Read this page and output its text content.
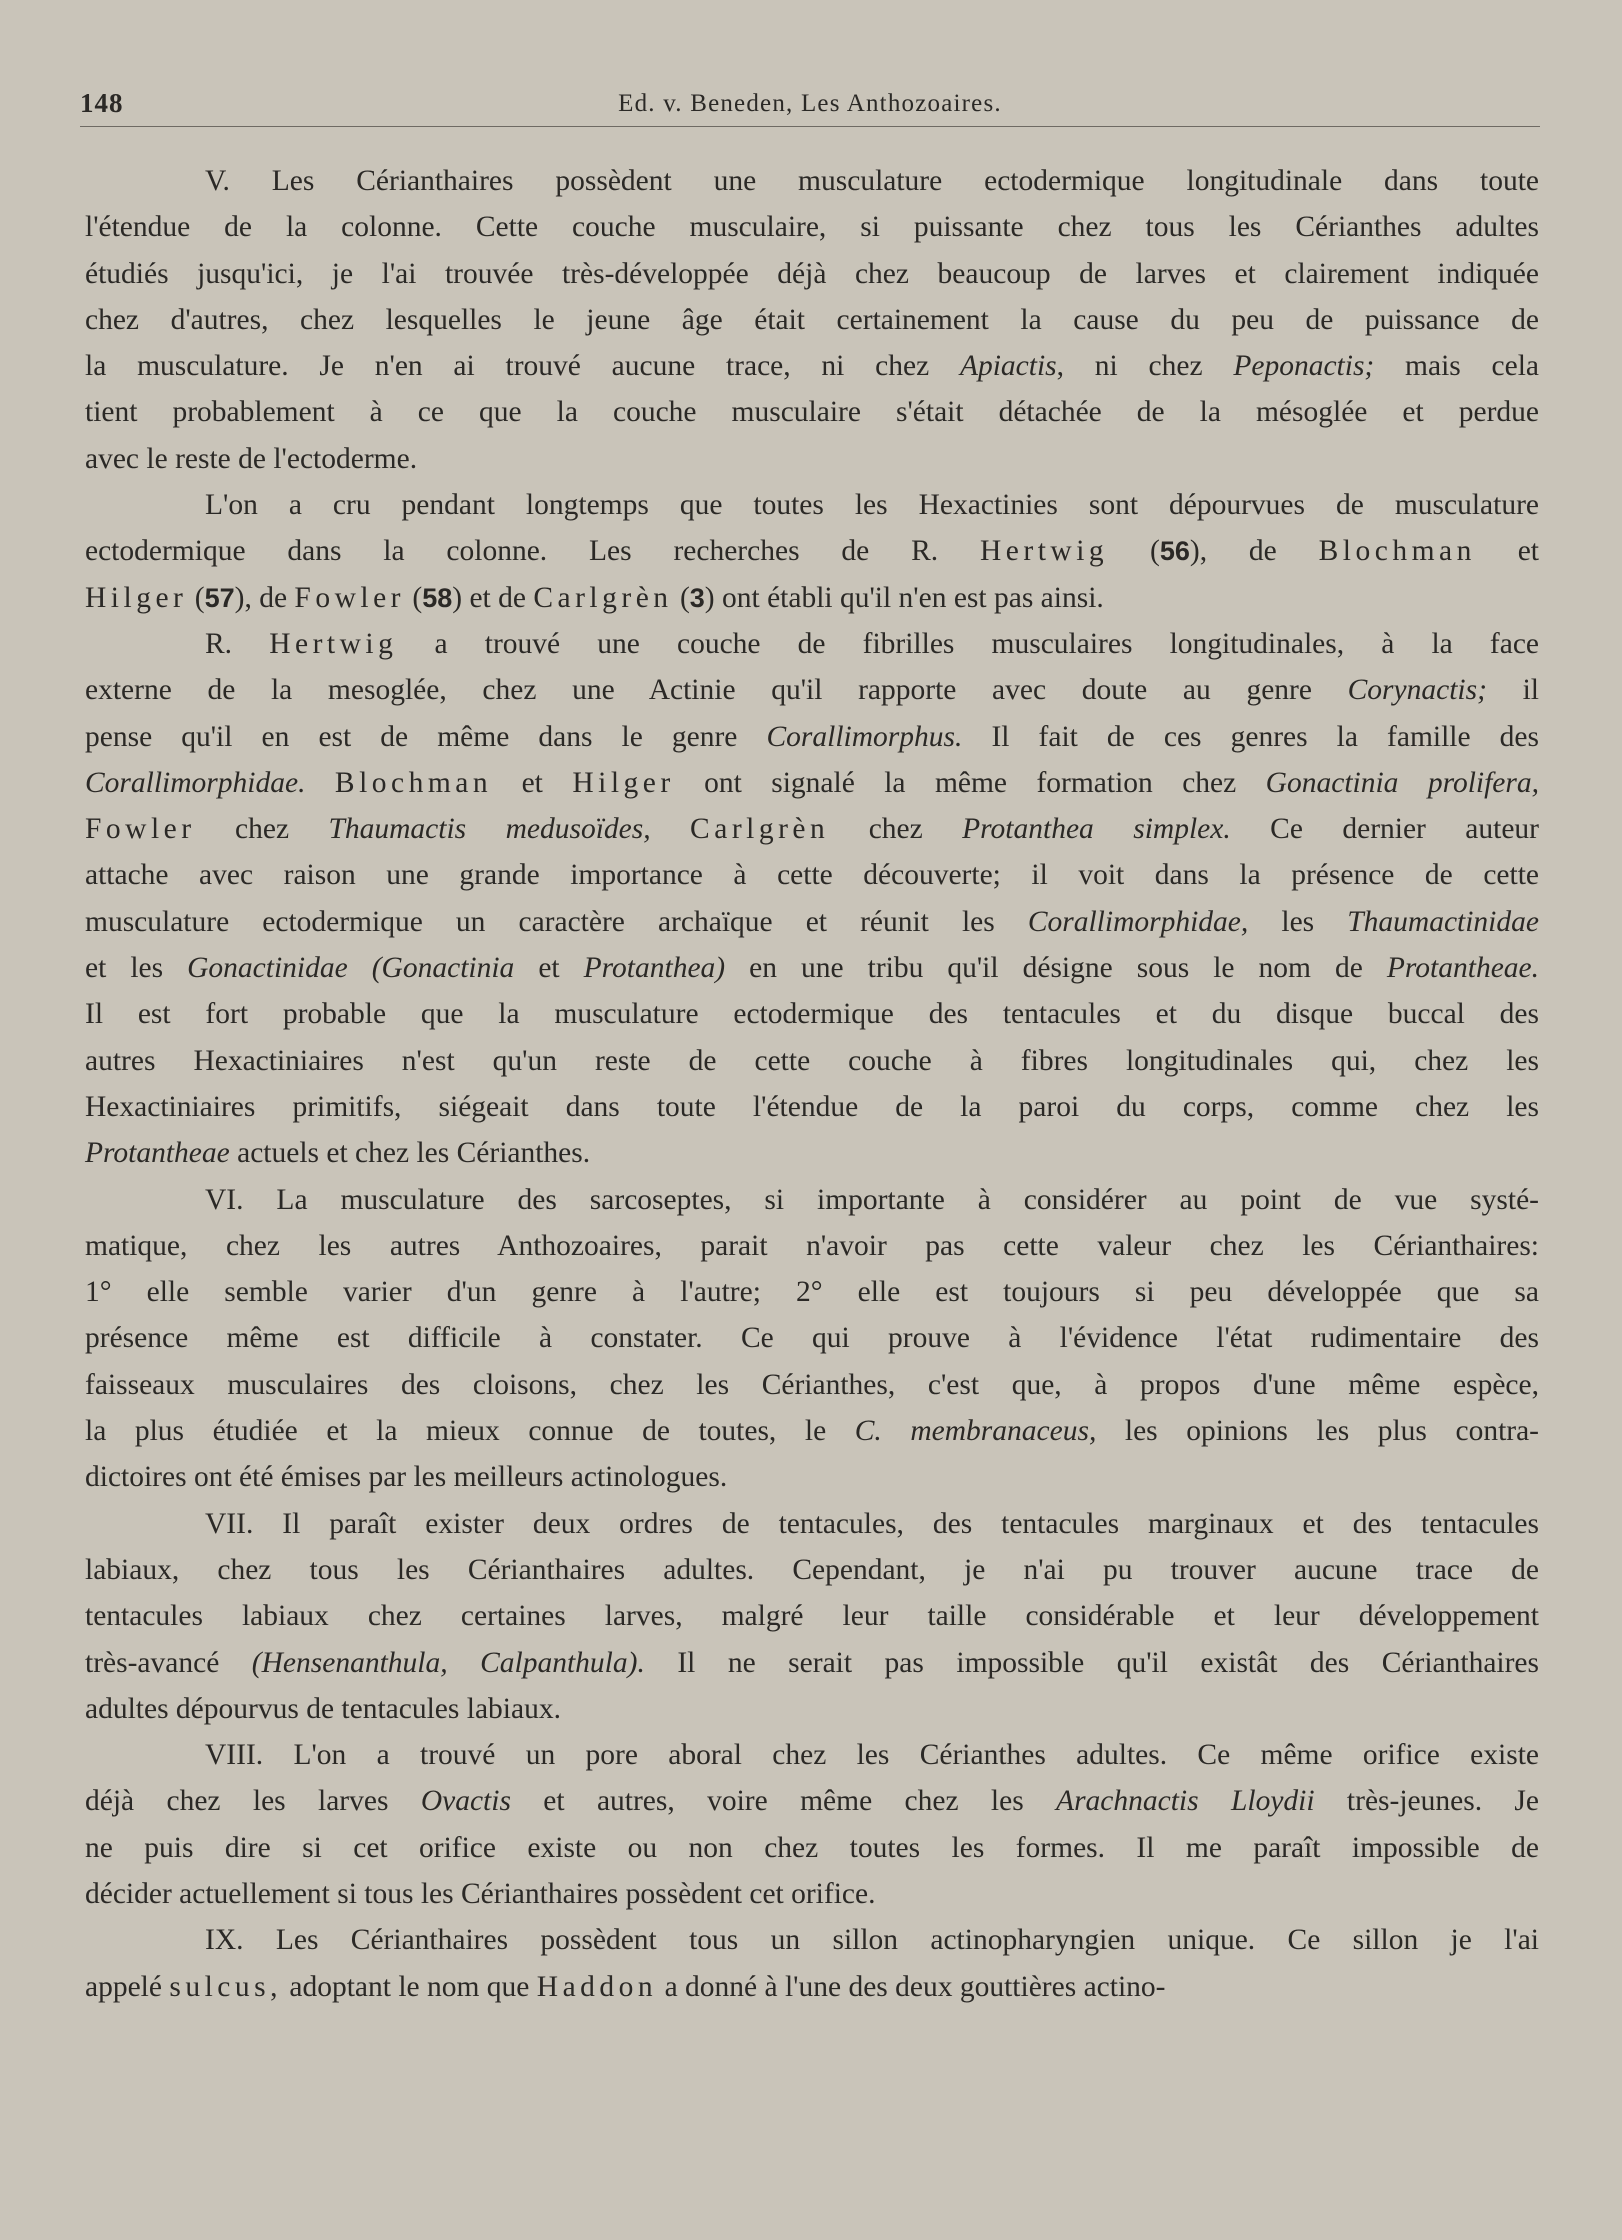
148	Ed. v. Beneden, Les Anthozoaires.

V. Les Cérianthaires possèdent une musculature ectodermique longitudinale dans toute
l'étendue de la colonne. Cette couche musculaire, si puissante chez tous les Cérianthes adultes
étudiés jusqu'ici, je l'ai trouvée très-développée déjà chez beaucoup de larves et clairement indiquée
chez d'autres, chez lesquelles le jeune âge était certainement la cause du peu de puissance de
la musculature. Je n'en ai trouvé aucune trace, ni chez Apiactis, ni chez Peponactis; mais cela
tient probablement à ce que la couche musculaire s'était détachée de la mésoglée et perdue
avec le reste de l'ectoderme.

L'on a cru pendant longtemps que toutes les Hexactinies sont dépourvues de musculature
ectodermique dans la colonne. Les recherches de R. Hertwig (56), de Blochman et
Hilger (57), de Fowler (58) et de Carlgrèn (3) ont établi qu'il n'en est pas ainsi.

R. Hertwig a trouvé une couche de fibrilles musculaires longitudinales, à la face
externe de la mesoglée, chez une Actinie qu'il rapporte avec doute au genre Corynactis; il
pense qu'il en est de même dans le genre Corallimorphus. Il fait de ces genres la famille des
Corallimorphidae. Blochman et Hilger ont signalé la même formation chez Gonactinia prolifera,
Fowler chez Thaumactis medusoïdes, Carlgrèn chez Protanthea simplex. Ce dernier auteur
attache avec raison une grande importance à cette découverte; il voit dans la présence de cette
musculature ectodermique un caractère archaïque et réunit les Corallimorphidae, les Thaumactinidae
et les Gonactinidae (Gonactinia et Protanthea) en une tribu qu'il désigne sous le nom de Protantheae.
Il est fort probable que la musculature ectodermique des tentacules et du disque buccal des
autres Hexactiniaires n'est qu'un reste de cette couche à fibres longitudinales qui, chez les
Hexactiniaires primitifs, siégeait dans toute l'étendue de la paroi du corps, comme chez les
Protantheae actuels et chez les Cérianthes.

VI. La musculature des sarcoseptes, si importante à considérer au point de vue systé-
matique, chez les autres Anthozoaires, parait n'avoir pas cette valeur chez les Cérianthaires:
1° elle semble varier d'un genre à l'autre; 2° elle est toujours si peu développée que sa
présence même est difficile à constater. Ce qui prouve à l'évidence l'état rudimentaire des
faisseaux musculaires des cloisons, chez les Cérianthes, c'est que, à propos d'une même espèce,
la plus étudiée et la mieux connue de toutes, le C. membranaceus, les opinions les plus contra-
dictoires ont été émises par les meilleurs actinologues.

VII. Il paraît exister deux ordres de tentacules, des tentacules marginaux et des tentacules
labiaux, chez tous les Cérianthaires adultes. Cependant, je n'ai pu trouver aucune trace de
tentacules labiaux chez certaines larves, malgré leur taille considérable et leur développement
très-avancé (Hensenanthula, Calpanthula). Il ne serait pas impossible qu'il existât des Cérianthaires
adultes dépourvus de tentacules labiaux.

VIII. L'on a trouvé un pore aboral chez les Cérianthes adultes. Ce même orifice existe
déjà chez les larves Ovactis et autres, voire même chez les Arachnactis Lloydii très-jeunes. Je
ne puis dire si cet orifice existe ou non chez toutes les formes. Il me paraît impossible de
décider actuellement si tous les Cérianthaires possèdent cet orifice.

IX. Les Cérianthaires possèdent tous un sillon actinopharyngien unique. Ce sillon je l'ai
appelé sulcus, adoptant le nom que Haddon a donné à l'une des deux gouttières actino-
